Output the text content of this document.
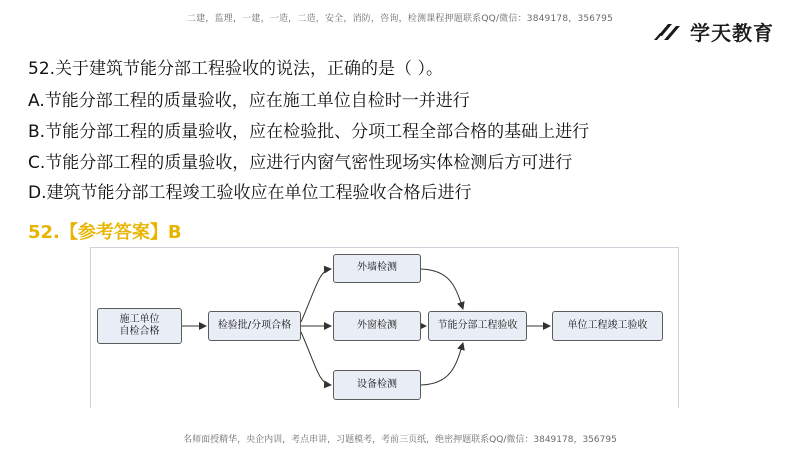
二建，监理，一建，一造，二造，安全，消防，咨询，检测课程押题联系QQ/微信：3849178，356795
学天教育
52.关于建筑节能分部工程验收的说法，正确的是（ ）。
A.节能分部工程的质量验收，应在施工单位自检时一并进行
B.节能分部工程的质量验收，应在检验批、分项工程全部合格的基础上进行
C.节能分部工程的质量验收，应进行内窗气密性现场实体检测后方可进行
D.建筑节能分部工程竣工验收应在单位工程验收合格后进行
52.【参考答案】B
施工单位
自检合格
检验批/分项合格
外墙检测
外窗检测
设备检测
节能分部工程验收	单位工程竣工验收
名师面授精华，央企内训，考点串讲，习题模考，考前三页纸，绝密押题联系QQ/微信：3849178，356795
